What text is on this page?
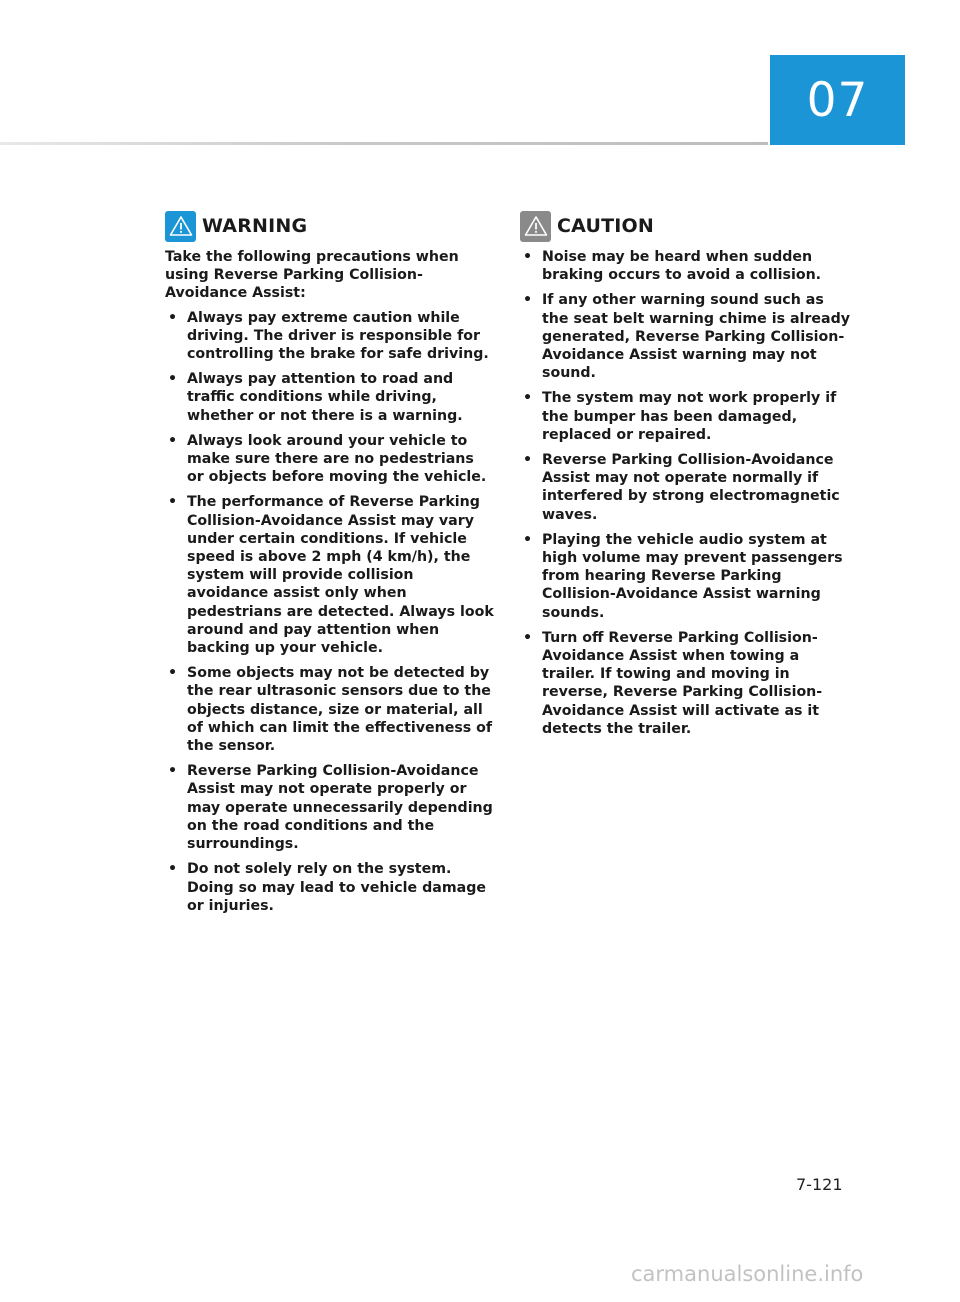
07
WARNING

Take the following precautions when using Reverse Parking Collision-Avoidance Assist:

• Always pay extreme caution while driving. The driver is responsible for controlling the brake for safe driving.
• Always pay attention to road and traffic conditions while driving, whether or not there is a warning.
• Always look around your vehicle to make sure there are no pedestrians or objects before moving the vehicle.
• The performance of Reverse Parking Collision-Avoidance Assist may vary under certain conditions. If vehicle speed is above 2 mph (4 km/h), the system will provide collision avoidance assist only when pedestrians are detected. Always look around and pay attention when backing up your vehicle.
• Some objects may not be detected by the rear ultrasonic sensors due to the objects distance, size or material, all of which can limit the effectiveness of the sensor.
• Reverse Parking Collision-Avoidance Assist may not operate properly or may operate unnecessarily depending on the road conditions and the surroundings.
• Do not solely rely on the system. Doing so may lead to vehicle damage or injuries.
CAUTION
• Noise may be heard when sudden braking occurs to avoid a collision.
• If any other warning sound such as the seat belt warning chime is already generated, Reverse Parking Collision-Avoidance Assist warning may not sound.
• The system may not work properly if the bumper has been damaged, replaced or repaired.
• Reverse Parking Collision-Avoidance Assist may not operate normally if interfered by strong electromagnetic waves.
• Playing the vehicle audio system at high volume may prevent passengers from hearing Reverse Parking Collision-Avoidance Assist warning sounds.
• Turn off Reverse Parking Collision-Avoidance Assist when towing a trailer. If towing and moving in reverse, Reverse Parking Collision-Avoidance Assist will activate as it detects the trailer.
7-121
carmanualsonline.info
